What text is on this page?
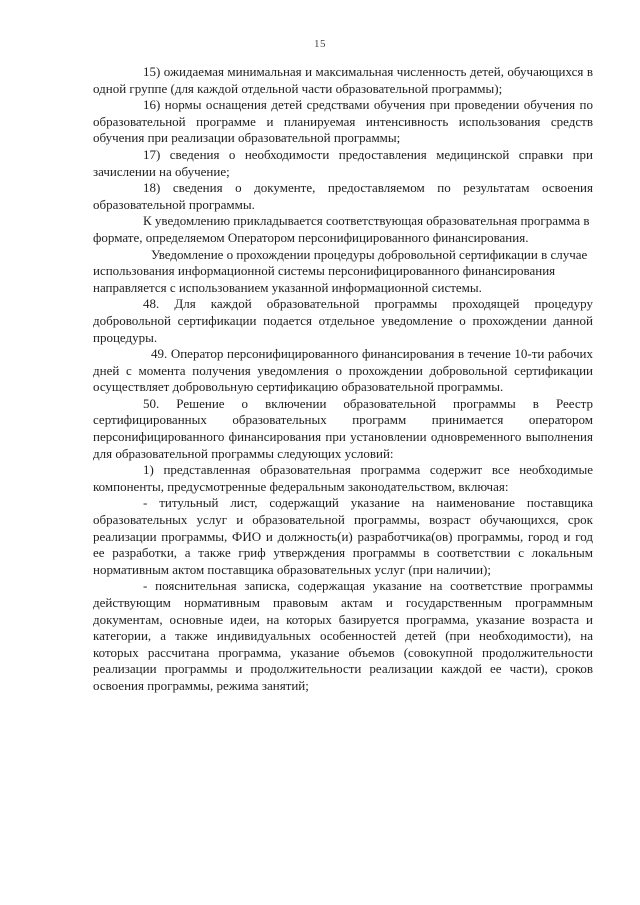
15

15) ожидаемая минимальная и максимальная численность детей, обучающихся в одной группе (для каждой отдельной части образовательной программы);

16) нормы оснащения детей средствами обучения при проведении обучения по образовательной программе и планируемая интенсивность использования средств обучения при реализации образовательной программы;

17) сведения о необходимости предоставления медицинской справки при зачислении на обучение;

18) сведения о документе, предоставляемом по результатам освоения образовательной программы.

К уведомлению прикладывается соответствующая образовательная программа в формате, определяемом Оператором персонифицированного финансирования.

Уведомление о прохождении процедуры добровольной сертификации в случае использования информационной системы персонифицированного финансирования направляется с использованием указанной информационной системы.

48. Для каждой образовательной программы проходящей процедуру добровольной сертификации подается отдельное уведомление о прохождении данной процедуры.

49. Оператор персонифицированного финансирования в течение 10-ти рабочих дней с момента получения уведомления о прохождении добровольной сертификации осуществляет добровольную сертификацию образовательной программы.

50. Решение о включении образовательной программы в Реестр сертифицированных образовательных программ принимается оператором персонифицированного финансирования при установлении одновременного выполнения для образовательной программы следующих условий:

1) представленная образовательная программа содержит все необходимые компоненты, предусмотренные федеральным законодательством, включая:

- титульный лист, содержащий указание на наименование поставщика образовательных услуг и образовательной программы, возраст обучающихся, срок реализации программы, ФИО и должность(и) разработчика(ов) программы, город и год ее разработки, а также гриф утверждения программы в соответствии с локальным нормативным актом поставщика образовательных услуг (при наличии);

- пояснительная записка, содержащая указание на соответствие программы действующим нормативным правовым актам и государственным программным документам, основные идеи, на которых базируется программа, указание возраста и категории, а также индивидуальных особенностей детей (при необходимости), на которых рассчитана программа, указание объемов (совокупной продолжительности реализации программы и продолжительности реализации каждой ее части), сроков освоения программы, режима занятий;
